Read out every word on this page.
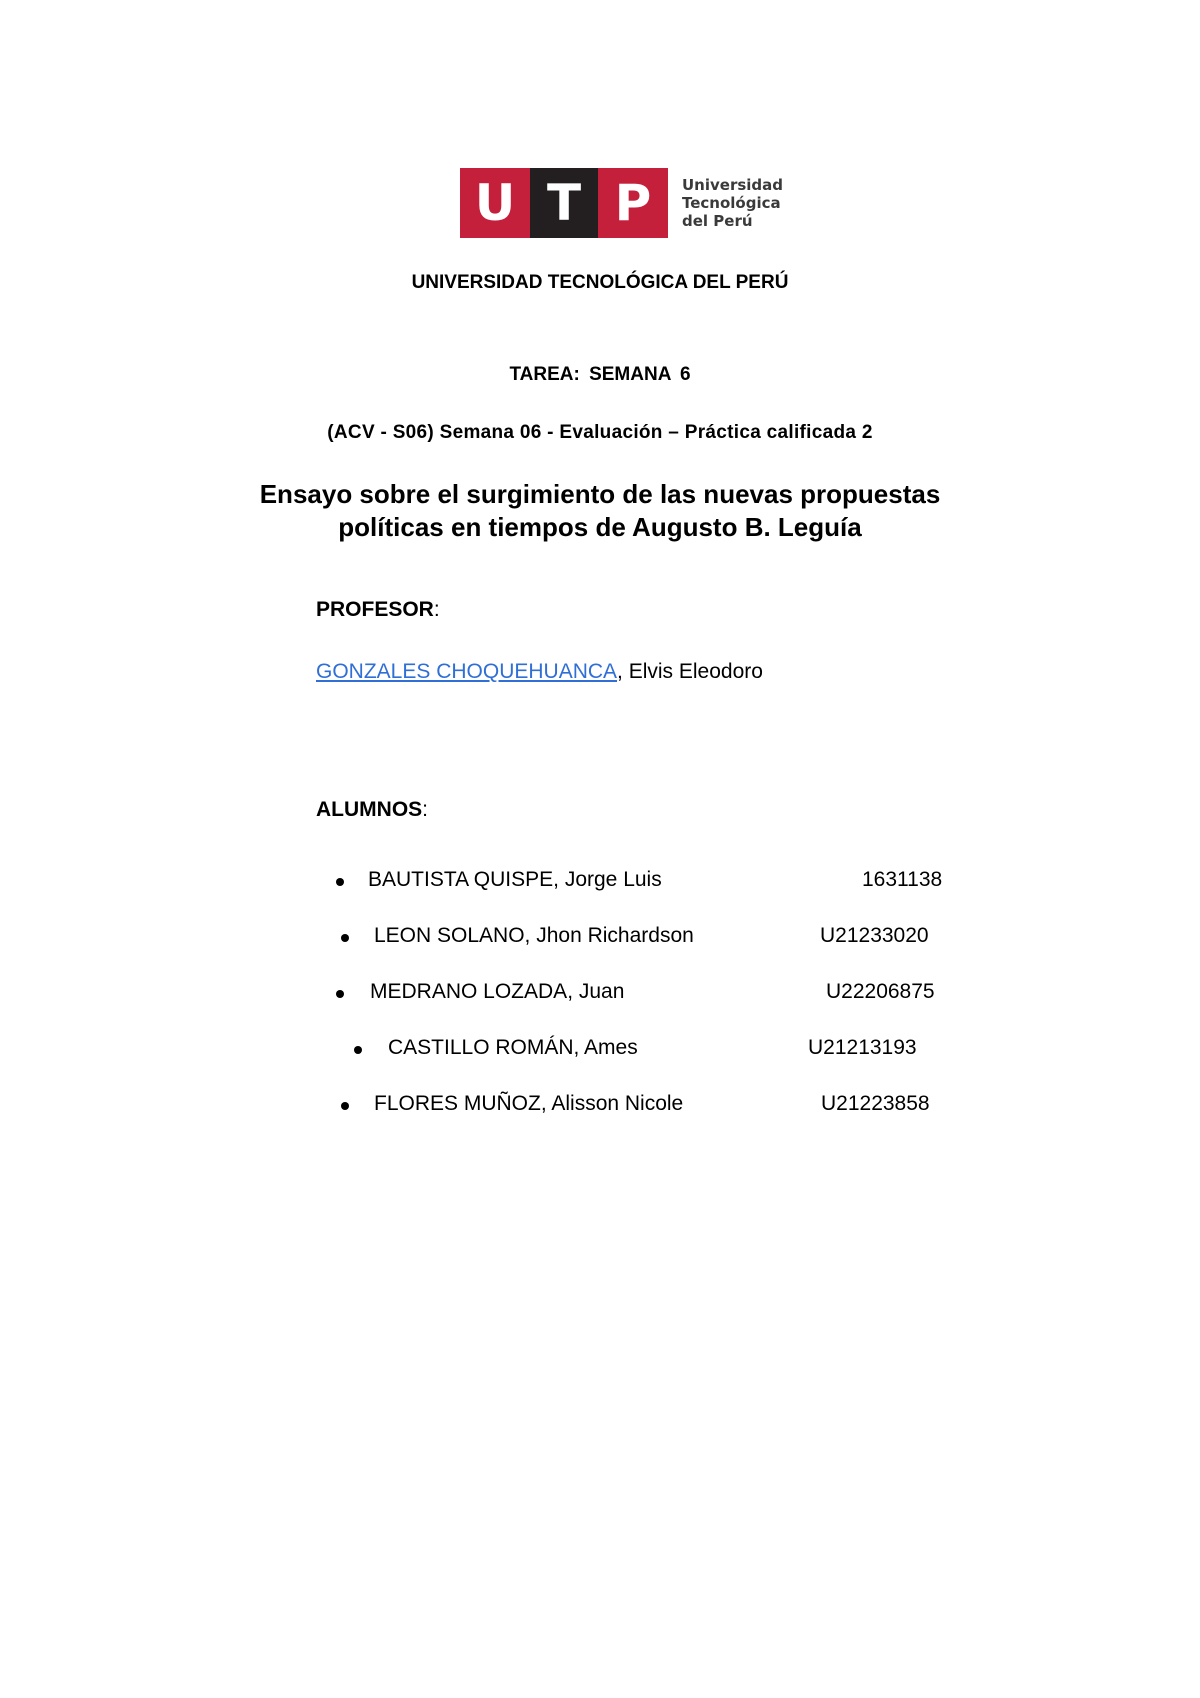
U T P	Universidad
Tecnológica
del Perú
UNIVERSIDAD TECNOLÓGICA DEL PERÚ
TAREA: SEMANA 6
(ACV - S06) Semana 06 - Evaluación – Práctica calificada 2
Ensayo sobre el surgimiento de las nuevas propuestas
políticas en tiempos de Augusto B. Leguía
PROFESOR:
GONZALES CHOQUEHUANCA, Elvis Eleodoro
ALUMNOS:
BAUTISTA QUISPE, Jorge Luis	1631138
LEON SOLANO, Jhon Richardson	U21233020
MEDRANO LOZADA, Juan	U22206875
CASTILLO ROMÁN, Ames	U21213193
FLORES MUÑOZ, Alisson Nicole	U21223858
